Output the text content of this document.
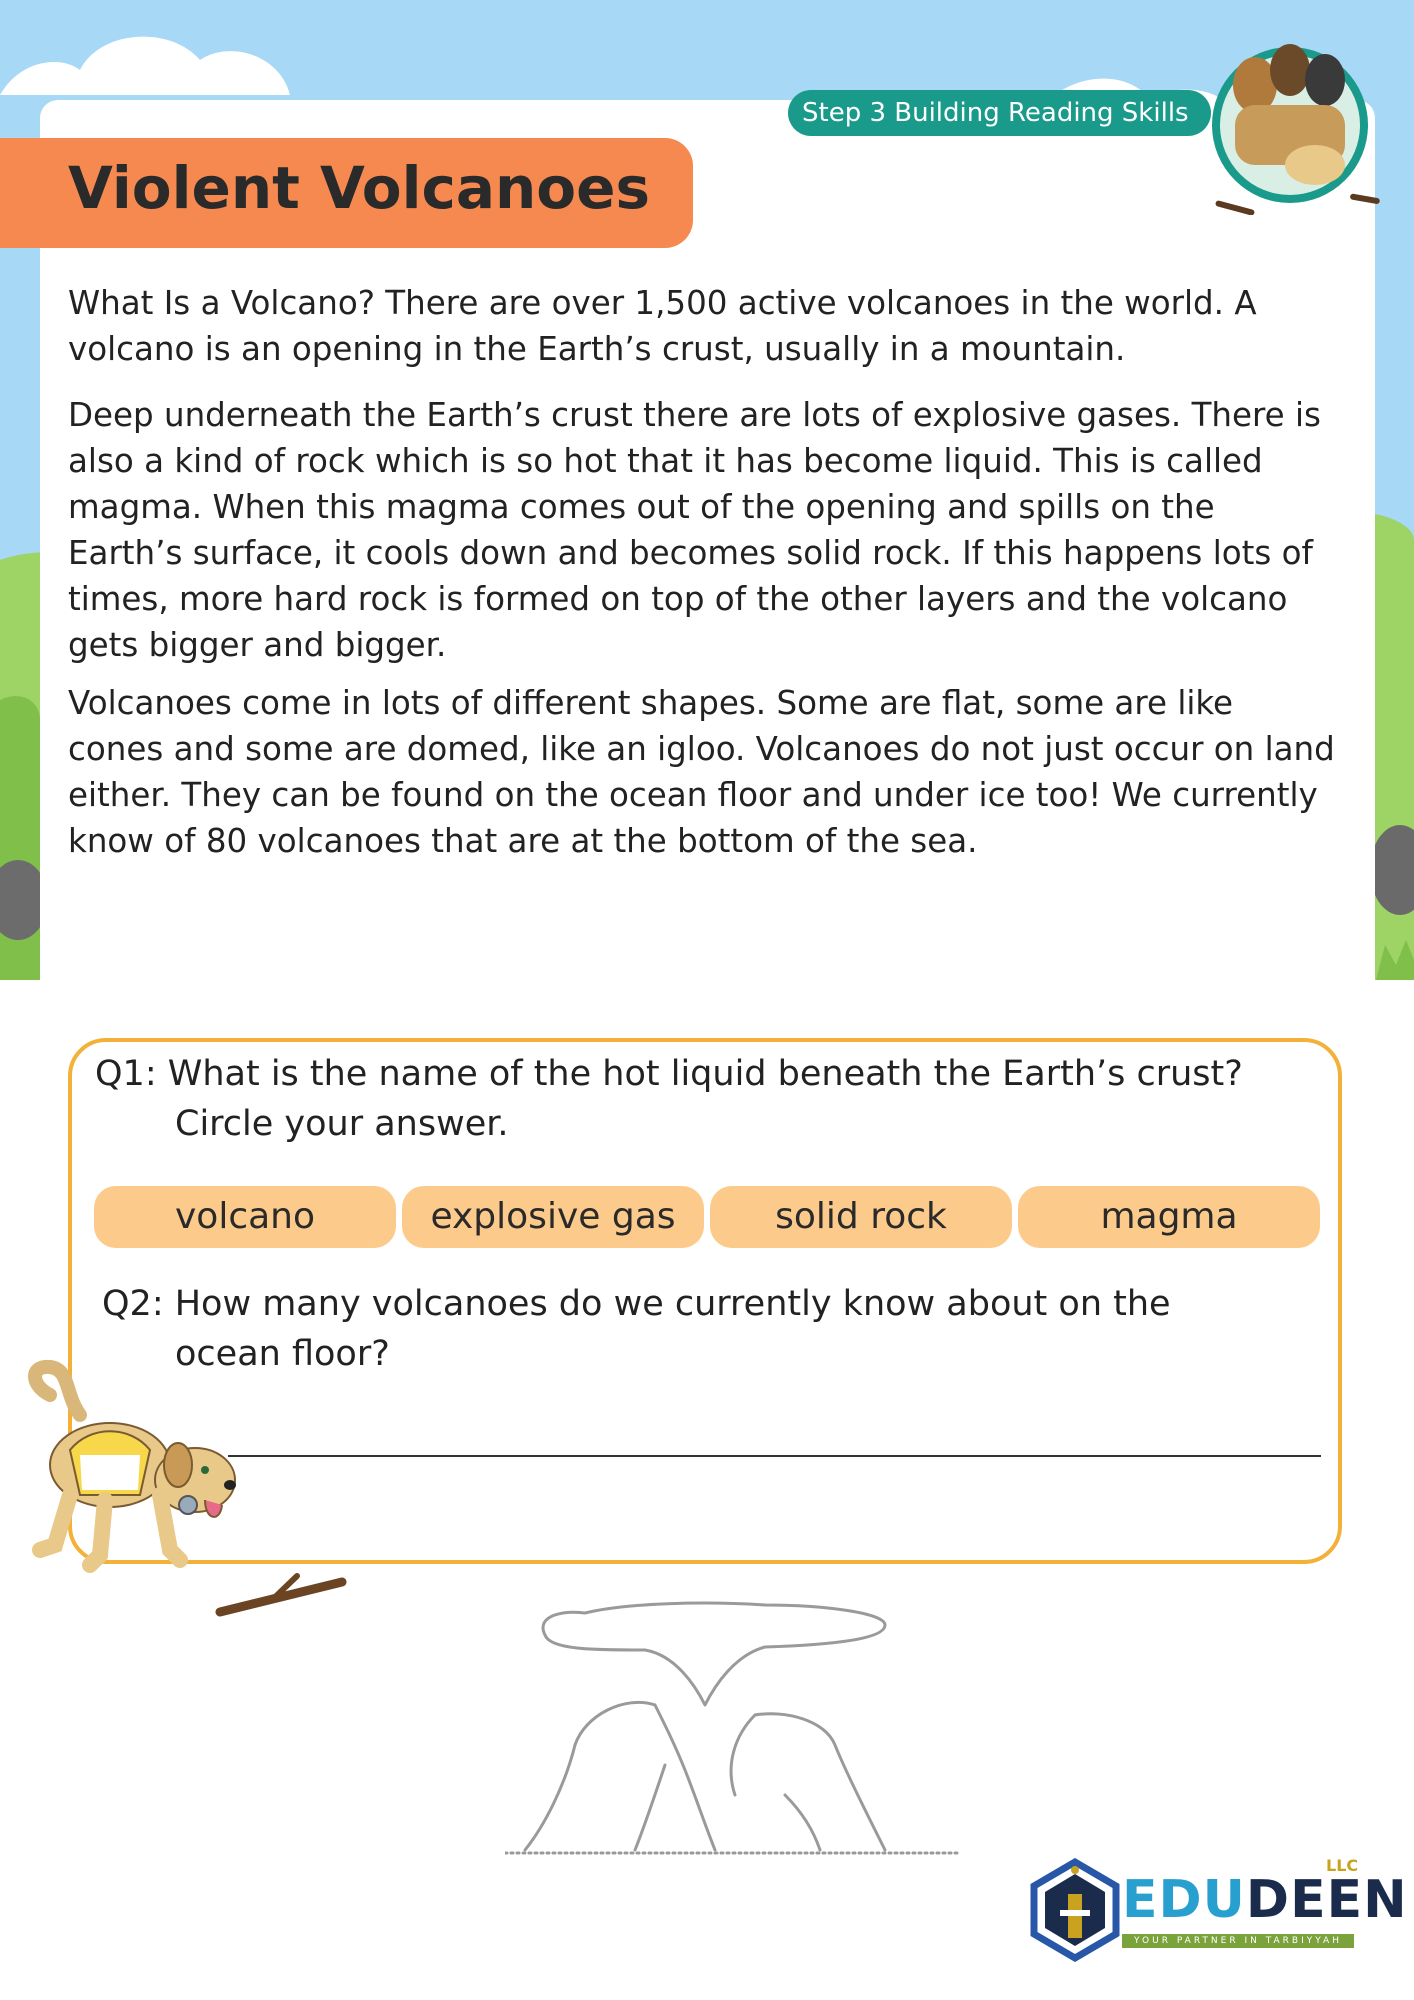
Step 3 Building Reading Skills
Violent Volcanoes

What Is a Volcano? There are over 1,500 active volcanoes in the world. A volcano is an opening in the Earth’s crust, usually in a mountain.

Deep underneath the Earth’s crust there are lots of explosive gases. There is also a kind of rock which is so hot that it has become liquid. This is called magma. When this magma comes out of the opening and spills on the Earth’s surface, it cools down and becomes solid rock. If this happens lots of times, more hard rock is formed on top of the other layers and the volcano gets bigger and bigger.

Volcanoes come in lots of different shapes. Some are flat, some are like cones and some are domed, like an igloo. Volcanoes do not just occur on land either. They can be found on the ocean floor and under ice too! We currently know of 80 volcanoes that are at the bottom of the sea.

Q1: What is the name of the hot liquid beneath the Earth’s crust?

Circle your answer.

volcano	explosive gas	solid rock	magma

Q2: How many volcanoes do we currently know about on the

ocean floor?

EDUDEEN
LLC
YOUR PARTNER IN TARBIYYAH
